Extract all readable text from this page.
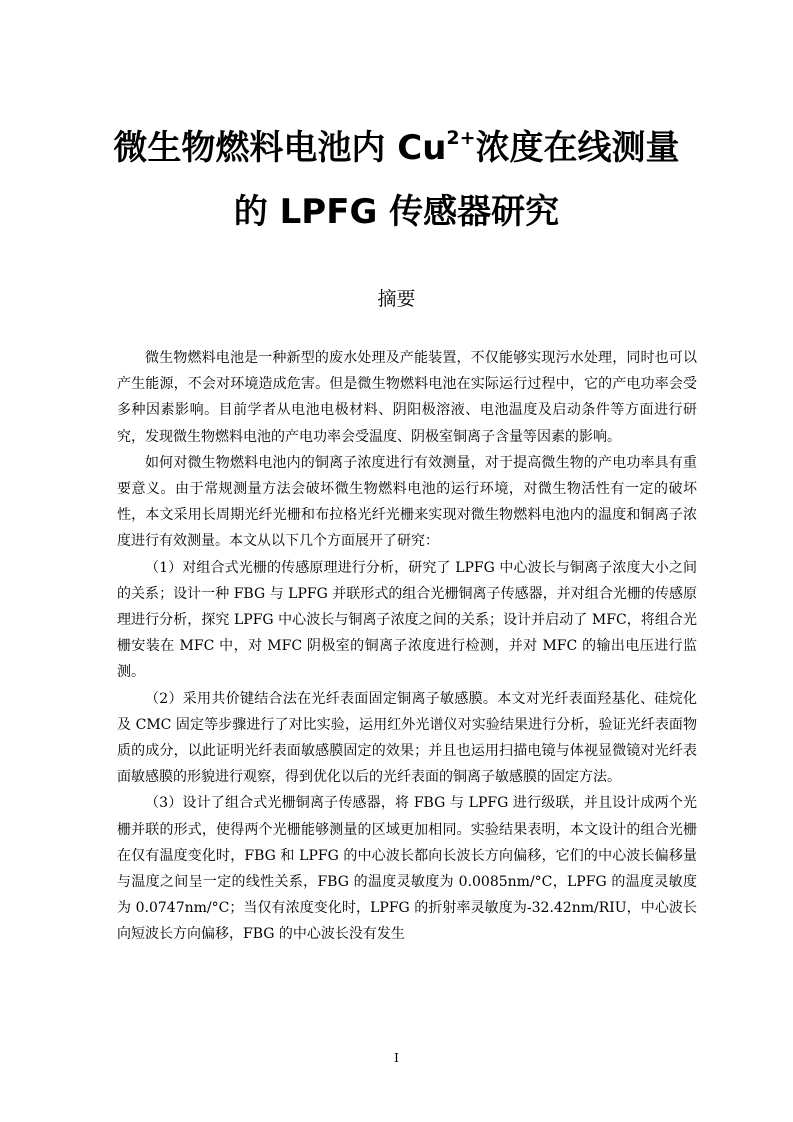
微生物燃料电池内 $Cu^{2+}$浓度在线测量
的 LPFG 传感器研究
摘要

微生物燃料电池是一种新型的废水处理及产能装置，不仅能够实现污水处理，同时也可以产生能源，不会对环境造成危害。但是微生物燃料电池在实际运行过程中，它的产电功率会受多种因素影响。目前学者从电池电极材料、阴阳极溶液、电池温度及启动条件等方面进行研究，发现微生物燃料电池的产电功率会受温度、阴极室铜离子含量等因素的影响。

如何对微生物燃料电池内的铜离子浓度进行有效测量，对于提高微生物的产电功率具有重要意义。由于常规测量方法会破坏微生物燃料电池的运行环境，对微生物活性有一定的破坏性，本文采用长周期光纤光栅和布拉格光纤光栅来实现对微生物燃料电池内的温度和铜离子浓度进行有效测量。本文从以下几个方面展开了研究：

（1）对组合式光栅的传感原理进行分析，研究了 LPFG 中心波长与铜离子浓度大小之间的关系；设计一种 FBG 与 LPFG 并联形式的组合光栅铜离子传感器，并对组合光栅的传感原理进行分析，探究 LPFG 中心波长与铜离子浓度之间的关系；设计并启动了 MFC，将组合光栅安装在 MFC 中，对 MFC 阴极室的铜离子浓度进行检测，并对 MFC 的输出电压进行监测。

（2）采用共价键结合法在光纤表面固定铜离子敏感膜。本文对光纤表面羟基化、硅烷化及 CMC 固定等步骤进行了对比实验，运用红外光谱仪对实验结果进行分析，验证光纤表面物质的成分，以此证明光纤表面敏感膜固定的效果；并且也运用扫描电镜与体视显微镜对光纤表面敏感膜的形貌进行观察，得到优化以后的光纤表面的铜离子敏感膜的固定方法。

（3）设计了组合式光栅铜离子传感器，将 FBG 与 LPFG 进行级联，并且设计成两个光栅并联的形式，使得两个光栅能够测量的区域更加相同。实验结果表明，本文设计的组合光栅在仅有温度变化时，FBG 和 LPFG 的中心波长都向长波长方向偏移，它们的中心波长偏移量与温度之间呈一定的线性关系，FBG 的温度灵敏度为 0.0085nm/°C，LPFG 的温度灵敏度为 0.0747nm/°C；当仅有浓度变化时，LPFG 的折射率灵敏度为-32.42nm/RIU，中心波长向短波长方向偏移，FBG 的中心波长没有发生

I
